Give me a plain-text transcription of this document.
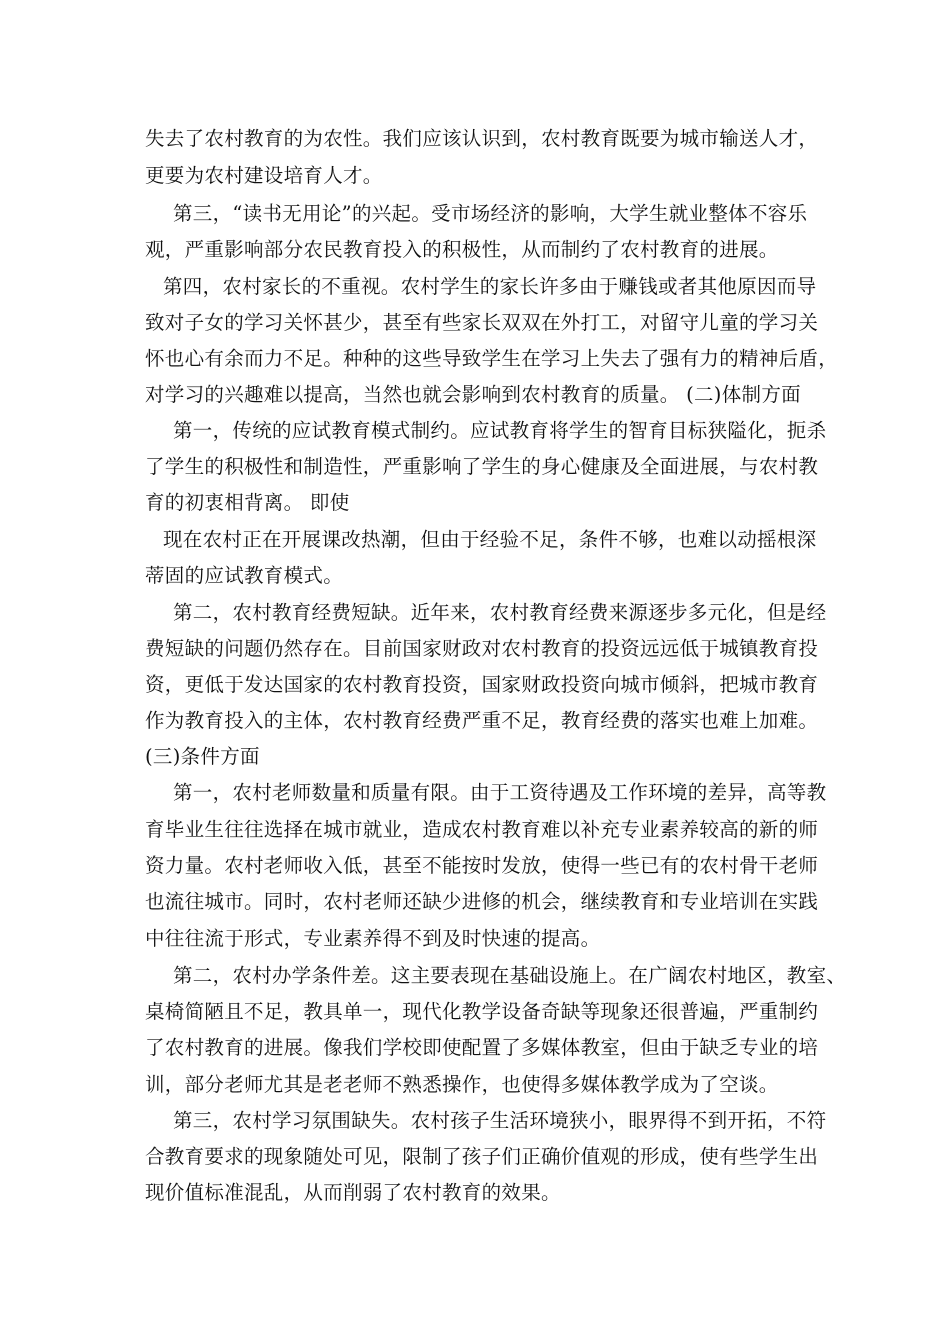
失去了农村教育的为农性。我们应该认识到，农村教育既要为城市输送人才，
更要为农村建设培育人才。
第三，“读书无用论”的兴起。受市场经济的影响，大学生就业整体不容乐
观，严重影响部分农民教育投入的积极性，从而制约了农村教育的进展。
第四，农村家长的不重视。农村学生的家长许多由于赚钱或者其他原因而导
致对子女的学习关怀甚少，甚至有些家长双双在外打工，对留守儿童的学习关
怀也心有余而力不足。种种的这些导致学生在学习上失去了强有力的精神后盾，
对学习的兴趣难以提高，当然也就会影响到农村教育的质量。 (二)体制方面
第一，传统的应试教育模式制约。应试教育将学生的智育目标狭隘化，扼杀
了学生的积极性和制造性，严重影响了学生的身心健康及全面进展，与农村教
育的初衷相背离。 即使
现在农村正在开展课改热潮，但由于经验不足，条件不够，也难以动摇根深
蒂固的应试教育模式。
第二，农村教育经费短缺。近年来，农村教育经费来源逐步多元化，但是经
费短缺的问题仍然存在。目前国家财政对农村教育的投资远远低于城镇教育投
资，更低于发达国家的农村教育投资，国家财政投资向城市倾斜，把城市教育
作为教育投入的主体，农村教育经费严重不足，教育经费的落实也难上加难。
(三)条件方面
第一，农村老师数量和质量有限。由于工资待遇及工作环境的差异，高等教
育毕业生往往选择在城市就业，造成农村教育难以补充专业素养较高的新的师
资力量。农村老师收入低，甚至不能按时发放，使得一些已有的农村骨干老师
也流往城市。同时，农村老师还缺少进修的机会，继续教育和专业培训在实践
中往往流于形式，专业素养得不到及时快速的提高。
第二，农村办学条件差。这主要表现在基础设施上。在广阔农村地区，教室、
桌椅简陋且不足，教具单一，现代化教学设备奇缺等现象还很普遍，严重制约
了农村教育的进展。像我们学校即使配置了多媒体教室，但由于缺乏专业的培
训，部分老师尤其是老老师不熟悉操作，也使得多媒体教学成为了空谈。
第三，农村学习氛围缺失。农村孩子生活环境狭小，眼界得不到开拓，不符
合教育要求的现象随处可见，限制了孩子们正确价值观的形成，使有些学生出
现价值标准混乱，从而削弱了农村教育的效果。
